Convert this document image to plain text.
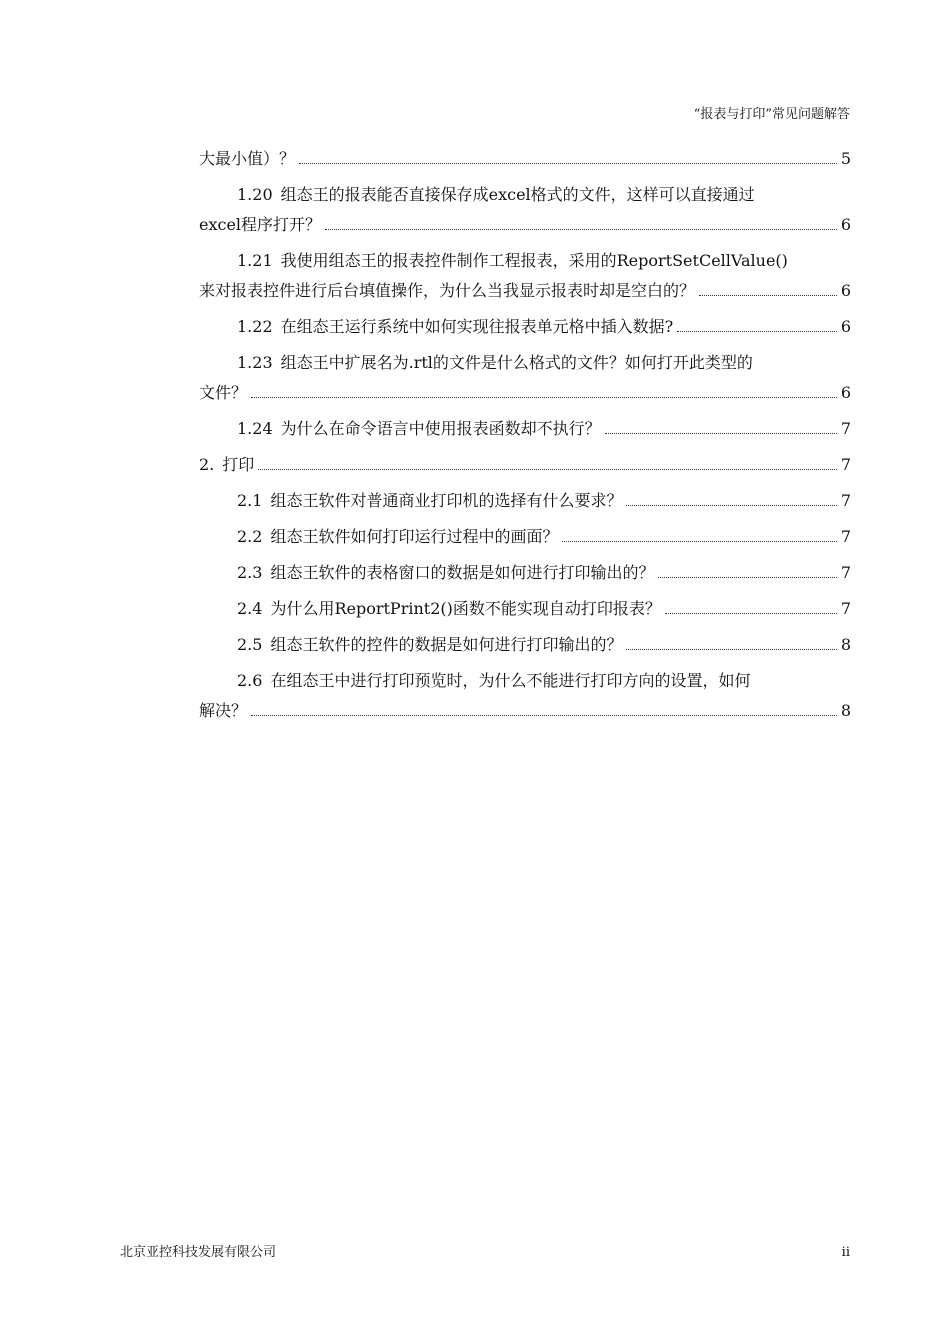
“报表与打印”常见问题解答
大最小值）？	5
1.20 组态王的报表能否直接保存成excel格式的文件，这样可以直接通过
excel程序打开？	6
1.21 我使用组态王的报表控件制作工程报表，采用的ReportSetCellValue()
来对报表控件进行后台填值操作，为什么当我显示报表时却是空白的？	6
1.22 在组态王运行系统中如何实现往报表单元格中插入数据?	6
1.23 组态王中扩展名为.rtl的文件是什么格式的文件？如何打开此类型的
文件？	6
1.24 为什么在命令语言中使用报表函数却不执行？	7
2. 打印	7
2.1 组态王软件对普通商业打印机的选择有什么要求？	7
2.2 组态王软件如何打印运行过程中的画面？	7
2.3 组态王软件的表格窗口的数据是如何进行打印输出的？	7
2.4 为什么用ReportPrint2()函数不能实现自动打印报表？	7
2.5 组态王软件的控件的数据是如何进行打印输出的？	8
2.6 在组态王中进行打印预览时，为什么不能进行打印方向的设置，如何
解决？	8
北京亚控科技发展有限公司	ii
